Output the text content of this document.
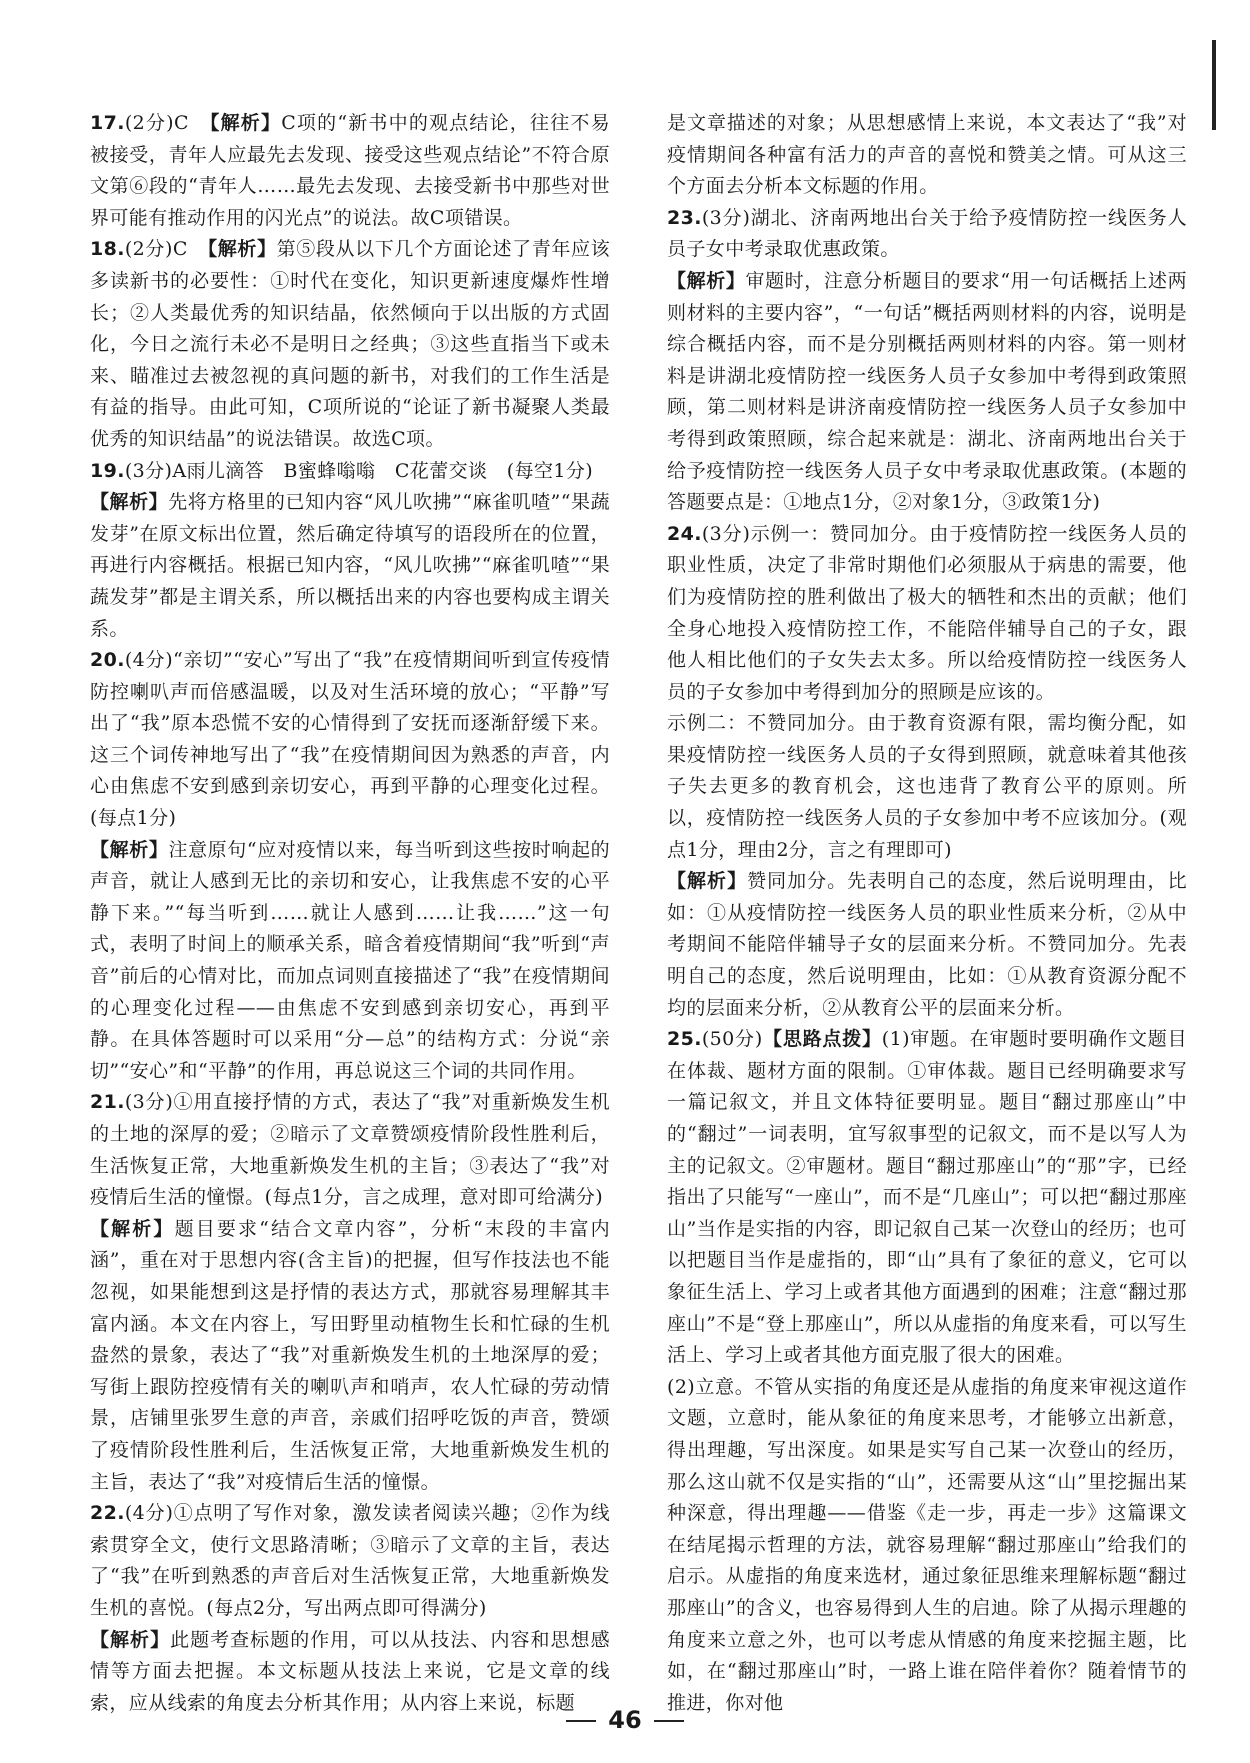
17.(2分)C　【解析】C项的“新书中的观点结论，往往不易被接受，青年人应最先去发现、接受这些观点结论”不符合原文第⑥段的“青年人……最先去发现、去接受新书中那些对世界可能有推动作用的闪光点”的说法。故C项错误。

18.(2分)C　【解析】第⑤段从以下几个方面论述了青年应该多读新书的必要性：①时代在变化，知识更新速度爆炸性增长；②人类最优秀的知识结晶，依然倾向于以出版的方式固化，今日之流行未必不是明日之经典；③这些直指当下或未来、瞄准过去被忽视的真问题的新书，对我们的工作生活是有益的指导。由此可知，C项所说的“论证了新书凝聚人类最优秀的知识结晶”的说法错误。故选C项。

19.(3分)A雨儿滴答　B蜜蜂嗡嗡　C花蕾交谈　(每空1分)

【解析】先将方格里的已知内容“风儿吹拂”“麻雀叽喳”“果蔬发芽”在原文标出位置，然后确定待填写的语段所在的位置，再进行内容概括。根据已知内容，“风儿吹拂”“麻雀叽喳”“果蔬发芽”都是主谓关系，所以概括出来的内容也要构成主谓关系。

20.(4分)“亲切”“安心”写出了“我”在疫情期间听到宣传疫情防控喇叭声而倍感温暖，以及对生活环境的放心；“平静”写出了“我”原本恐慌不安的心情得到了安抚而逐渐舒缓下来。这三个词传神地写出了“我”在疫情期间因为熟悉的声音，内心由焦虑不安到感到亲切安心，再到平静的心理变化过程。(每点1分)

【解析】注意原句“应对疫情以来，每当听到这些按时响起的声音，就让人感到无比的亲切和安心，让我焦虑不安的心平静下来。”“每当听到……就让人感到……让我……”这一句式，表明了时间上的顺承关系，暗含着疫情期间“我”听到“声音”前后的心情对比，而加点词则直接描述了“我”在疫情期间的心理变化过程——由焦虑不安到感到亲切安心，再到平静。在具体答题时可以采用“分—总”的结构方式：分说“亲切”“安心”和“平静”的作用，再总说这三个词的共同作用。

21.(3分)①用直接抒情的方式，表达了“我”对重新焕发生机的土地的深厚的爱；②暗示了文章赞颂疫情阶段性胜利后，生活恢复正常，大地重新焕发生机的主旨；③表达了“我”对疫情后生活的憧憬。(每点1分，言之成理，意对即可给满分)

【解析】题目要求“结合文章内容”，分析“末段的丰富内涵”，重在对于思想内容(含主旨)的把握，但写作技法也不能忽视，如果能想到这是抒情的表达方式，那就容易理解其丰富内涵。本文在内容上，写田野里动植物生长和忙碌的生机盎然的景象，表达了“我”对重新焕发生机的土地深厚的爱；写街上跟防控疫情有关的喇叭声和哨声，农人忙碌的劳动情景，店铺里张罗生意的声音，亲戚们招呼吃饭的声音，赞颂了疫情阶段性胜利后，生活恢复正常，大地重新焕发生机的主旨，表达了“我”对疫情后生活的憧憬。

22.(4分)①点明了写作对象，激发读者阅读兴趣；②作为线索贯穿全文，使行文思路清晰；③暗示了文章的主旨，表达了“我”在听到熟悉的声音后对生活恢复正常，大地重新焕发生机的喜悦。(每点2分，写出两点即可得满分)

【解析】此题考查标题的作用，可以从技法、内容和思想感情等方面去把握。本文标题从技法上来说，它是文章的线索，应从线索的角度去分析其作用；从内容上来说，标题

是文章描述的对象；从思想感情上来说，本文表达了“我”对疫情期间各种富有活力的声音的喜悦和赞美之情。可从这三个方面去分析本文标题的作用。

23.(3分)湖北、济南两地出台关于给予疫情防控一线医务人员子女中考录取优惠政策。

【解析】审题时，注意分析题目的要求“用一句话概括上述两则材料的主要内容”，“一句话”概括两则材料的内容，说明是综合概括内容，而不是分别概括两则材料的内容。第一则材料是讲湖北疫情防控一线医务人员子女参加中考得到政策照顾，第二则材料是讲济南疫情防控一线医务人员子女参加中考得到政策照顾，综合起来就是：湖北、济南两地出台关于给予疫情防控一线医务人员子女中考录取优惠政策。(本题的答题要点是：①地点1分，②对象1分，③政策1分)

24.(3分)示例一：赞同加分。由于疫情防控一线医务人员的职业性质，决定了非常时期他们必须服从于病患的需要，他们为疫情防控的胜利做出了极大的牺牲和杰出的贡献；他们全身心地投入疫情防控工作，不能陪伴辅导自己的子女，跟他人相比他们的子女失去太多。所以给疫情防控一线医务人员的子女参加中考得到加分的照顾是应该的。

示例二：不赞同加分。由于教育资源有限，需均衡分配，如果疫情防控一线医务人员的子女得到照顾，就意味着其他孩子失去更多的教育机会，这也违背了教育公平的原则。所以，疫情防控一线医务人员的子女参加中考不应该加分。(观点1分，理由2分，言之有理即可)

【解析】赞同加分。先表明自己的态度，然后说明理由，比如：①从疫情防控一线医务人员的职业性质来分析，②从中考期间不能陪伴辅导子女的层面来分析。不赞同加分。先表明自己的态度，然后说明理由，比如：①从教育资源分配不均的层面来分析，②从教育公平的层面来分析。

25.(50分)【思路点拨】(1)审题。在审题时要明确作文题目在体裁、题材方面的限制。①审体裁。题目已经明确要求写一篇记叙文，并且文体特征要明显。题目“翻过那座山”中的“翻过”一词表明，宜写叙事型的记叙文，而不是以写人为主的记叙文。②审题材。题目“翻过那座山”的“那”字，已经指出了只能写“一座山”，而不是“几座山”；可以把“翻过那座山”当作是实指的内容，即记叙自己某一次登山的经历；也可以把题目当作是虚指的，即“山”具有了象征的意义，它可以象征生活上、学习上或者其他方面遇到的困难；注意“翻过那座山”不是“登上那座山”，所以从虚指的角度来看，可以写生活上、学习上或者其他方面克服了很大的困难。

(2)立意。不管从实指的角度还是从虚指的角度来审视这道作文题，立意时，能从象征的角度来思考，才能够立出新意，得出理趣，写出深度。如果是实写自己某一次登山的经历，那么这山就不仅是实指的“山”，还需要从这“山”里挖掘出某种深意，得出理趣——借鉴《走一步，再走一步》这篇课文在结尾揭示哲理的方法，就容易理解“翻过那座山”给我们的启示。从虚指的角度来选材，通过象征思维来理解标题“翻过那座山”的含义，也容易得到人生的启迪。除了从揭示理趣的角度来立意之外，也可以考虑从情感的角度来挖掘主题，比如，在“翻过那座山”时，一路上谁在陪伴着你？随着情节的推进，你对他

46
